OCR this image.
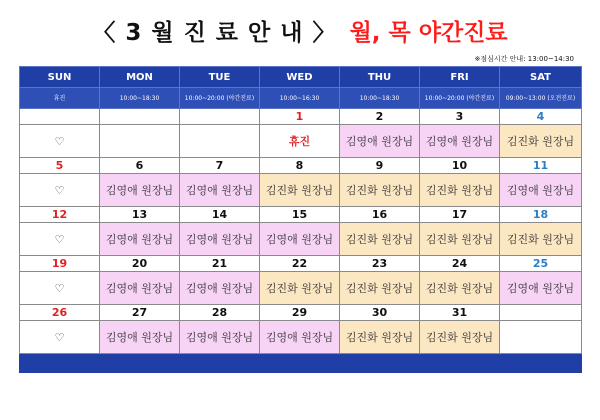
〈 3 월 진 료 안 내 〉 월, 목 야간진료
※점심시간 안내: 13:00~14:30
SUN	MON	TUE	WED	THU	FRI	SAT
휴진	10:00~18:30	10:00~20:00 (야간진료)	10:00~16:30	10:00~18:30	10:00~20:00 (야간진료)	09:00~13:00 (오전진료)
			1	2	3	4
♡			휴진	김영애 원장님	김영애 원장님	김진화 원장님
5	6	7	8	9	10	11
♡	김영애 원장님	김영애 원장님	김진화 원장님	김진화 원장님	김진화 원장님	김영애 원장님
12	13	14	15	16	17	18
♡	김영애 원장님	김영애 원장님	김영애 원장님	김진화 원장님	김진화 원장님	김진화 원장님
19	20	21	22	23	24	25
♡	김영애 원장님	김영애 원장님	김진화 원장님	김진화 원장님	김진화 원장님	김영애 원장님
26	27	28	29	30	31	
♡	김영애 원장님	김영애 원장님	김영애 원장님	김진화 원장님	김진화 원장님	
